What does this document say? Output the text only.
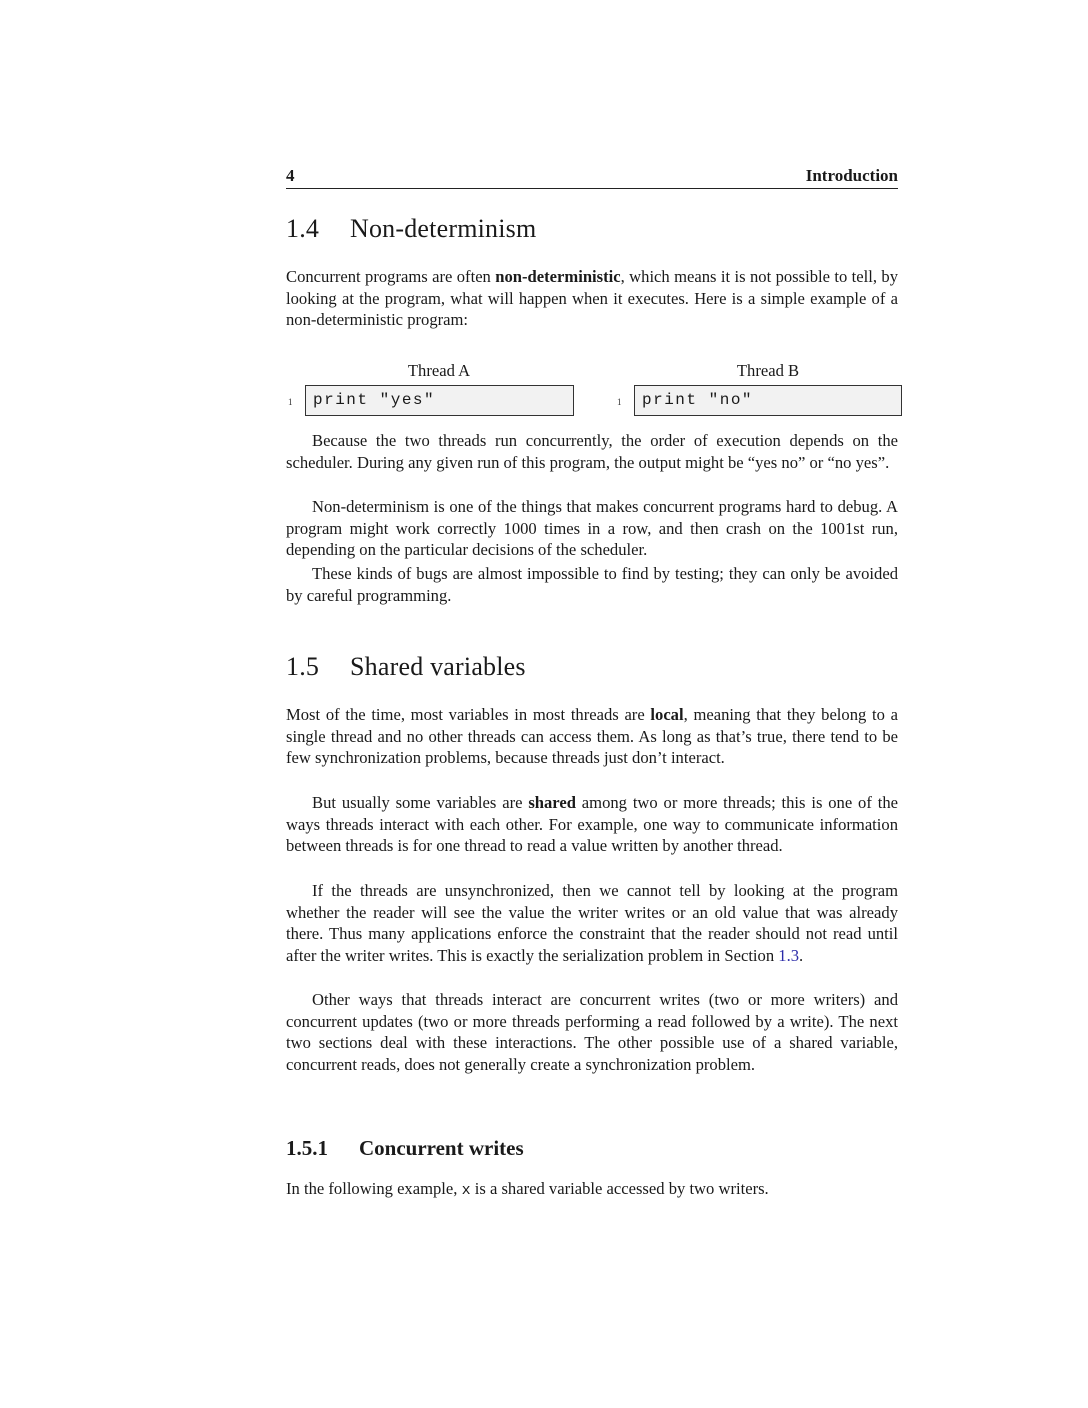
4	Introduction
1.4 Non-determinism

Concurrent programs are often non-deterministic, which means it is not possible to tell, by looking at the program, what will happen when it executes. Here is a simple example of a non-deterministic program:

Thread A
1	print "yes"
Thread B
1	print "no"

Because the two threads run concurrently, the order of execution depends on the scheduler. During any given run of this program, the output might be “yes no” or “no yes”.

Non-determinism is one of the things that makes concurrent programs hard to debug. A program might work correctly 1000 times in a row, and then crash on the 1001st run, depending on the particular decisions of the scheduler.

These kinds of bugs are almost impossible to find by testing; they can only be avoided by careful programming.

1.5 Shared variables

Most of the time, most variables in most threads are local, meaning that they belong to a single thread and no other threads can access them. As long as that’s true, there tend to be few synchronization problems, because threads just don’t interact.

But usually some variables are shared among two or more threads; this is one of the ways threads interact with each other. For example, one way to communicate information between threads is for one thread to read a value written by another thread.

If the threads are unsynchronized, then we cannot tell by looking at the program whether the reader will see the value the writer writes or an old value that was already there. Thus many applications enforce the constraint that the reader should not read until after the writer writes. This is exactly the serialization problem in Section 1.3.

Other ways that threads interact are concurrent writes (two or more writers) and concurrent updates (two or more threads performing a read followed by a write). The next two sections deal with these interactions. The other possible use of a shared variable, concurrent reads, does not generally create a synchronization problem.

1.5.1 Concurrent writes

In the following example, x is a shared variable accessed by two writers.
